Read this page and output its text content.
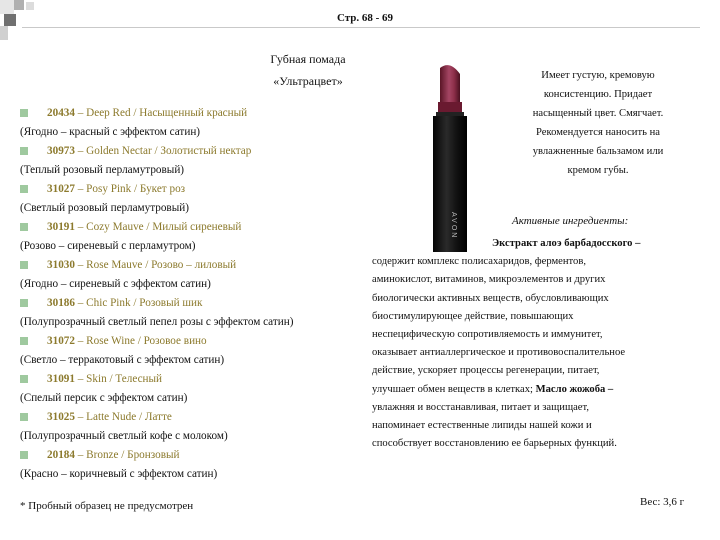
Стр. 68 - 69
Губная помада
«Ультрацвет»
20434 – Deep Red / Насыщенный красный
(Ягодно – красный с эффектом сатин)
30973 – Golden Nectar / Золотистый нектар
(Теплый розовый перламутровый)
31027 – Posy Pink / Букет роз
(Светлый розовый перламутровый)
30191 – Cozy Mauve / Милый сиреневый
(Розово – сиреневый с перламутром)
31030 – Rose Mauve / Розово – лиловый
(Ягодно – сиреневый с эффектом сатин)
30186 – Chic Pink / Розовый шик
(Полупрозрачный светлый пепел розы с эффектом сатин)
31072 – Rose Wine / Розовое вино
(Светло – терракотовый с эффектом сатин)
31091 – Skin / Телесный
(Спелый персик с эффектом сатин)
31025 – Latte Nude / Латте
(Полупрозрачный светлый кофе с молоком)
20184 – Bronze / Бронзовый
(Красно – коричневый с эффектом сатин)
AVON
Имеет густую, кремовую
консистенцию. Придает
насыщенный цвет. Смягчает.
Рекомендуется наносить на
увлажненные бальзамом или
кремом губы.
Активные ингредиенты:
Экстракт алоэ барбадосского –
содержит комплекс полисахаридов, ферментов,
аминокислот, витаминов, микроэлементов и других
биологически активных веществ, обусловливающих
биостимулирующее действие, повышающих
неспецифическую сопротивляемость и иммунитет,
оказывает антиаллергическое и противовоспалительное
действие, ускоряет процессы регенерации, питает,
улучшает обмен веществ в клетках; Масло жожоба –
увлажняя и восстанавливая, питает и защищает,
напоминает естественные липиды нашей кожи и
способствует восстановлению ее барьерных функций.
* Пробный образец не предусмотрен	Вес: 3,6 г
